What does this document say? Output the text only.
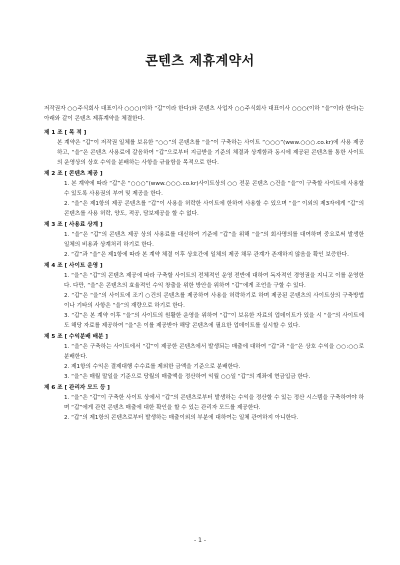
콘텐츠 제휴계약서

저작권자 ○○주식회사 대표이사 ○○○(이하 “갑”이라 한다)와 콘텐츠 사업자 ○○주식회사 대표이사 ○○○(이하 “을”이라 한다)는 아래와 같이 콘텐츠 제휴계약을 체결한다.

제 1 조 [ 목 적 ]

본 계약은 “갑”이 저작권 일체를 보유한 “○○”의 콘텐츠를 “을”이 구축하는 사이트 “○○○”(www.○○○.co.kr)에 사용 제공하고, “을”은 콘텐츠 사용료에 갈음하여 “갑”으로부터 지급받을 기준의 체결과 상계함과 동시에 제공된 콘텐츠를 통한 사이트의 운영상의 상호 수익을 분배하는 사항을 규율함을 목적으로 한다.

제 2 조 [ 콘텐츠 제공 ]
1. 본 계약에 따라 “갑”은 “○○○”(www.○○○.co.kr)사이트상의 ○○ 전문 콘텐츠 ○건을 “을”이 구축할 사이트에 사용할 수 있도록 사용권의 부여 및 제공을 한다.
2. “을”은 제1항의 제공 콘텐츠를 “갑”이 사용을 허락한 사이트에 한하여 사용할 수 있으며 “을” 이외의 제3자에게 “갑”의 콘텐츠를 사용 허락, 양도, 적공, 담보제공을 할 수 없다.
제 3 조 [ 사용료 상계 ]
1. “을”은 “갑”의 콘텐츠 제공 상의 사용료를 대신하여 기준에 “갑”을 위해 “을”의 회사명의를 대여하며 중요로써 발생한 일체의 비용과 상계처리 하기로 한다.
2. “갑”과 “을”은 제1항에 따라 본 계약 체결 이후 상호간에 일체의 제공 채무 관계가 존재하지 않음을 확인 보증한다.
제 4 조 [ 사이트 운영 ]
1. “을”은 “갑”의 콘텐츠 제공에 따라 구축할 사이트의 전체적인 운영 전반에 대하여 독자적인 경영권을 지니고 이를 운영한다. 다만, “을”은 콘텐츠의 효율적인 수익 창출을 위한 방안을 위하여 “갑”에게 조언을 구할 수 있다.
2. “갑”은 “을”의 사이트에 조기 ○건의 콘텐츠를 제공하여 사용을 허락하기로 하며 제공된 콘텐츠의 사이트상의 구축방법이나 기타의 사항은 “을”의 재량으로 하기로 한다.
3. “갑”은 본 계약 이후 “을”의 사이트의 원활한 운영을 위하여 “갑”이 보유한 자료의 업데이트가 있을 시 “을”의 사이트에도 해당 자료를 제공하여 “을”은 이를 제공받아 해당 콘텐츠에 필요한 업데이트를 실시할 수 있다.
제 5 조 [ 수익분배 배분 ]
1. “을”은 구축하는 사이트에서 “갑”이 제공한 콘텐츠에서 발생되는 매출에 대하여 “갑”과 “을”은 상호 수익을 ○○:○○로 분배한다.
2. 제1항의 수익은 결제대행 수수료를 제외한 금액을 기준으로 분배한다.
3. “을”은 매월 말일을 기준으로 당월의 매출액을 정산하여 익월 ○○일 “갑”의 계좌에 현금입금 한다.
제 6 조 [ 관리자 모드 등 ]
1. “을”은 “갑”이 구축한 사이트 상에서 “갑”의 콘텐츠로부터 발생하는 수익을 정산할 수 있는 정산 시스템을 구축하여야 하며 “갑”에게 관련 콘텐츠 매출에 대한 확인을 할 수 있는 관리자 모드를 제공한다.
2. “갑”의 제1항의 콘텐츠로부터 발생하는 매출이외의 부분에 대하여는 일체 관여하지 아니한다.
- 1 -
